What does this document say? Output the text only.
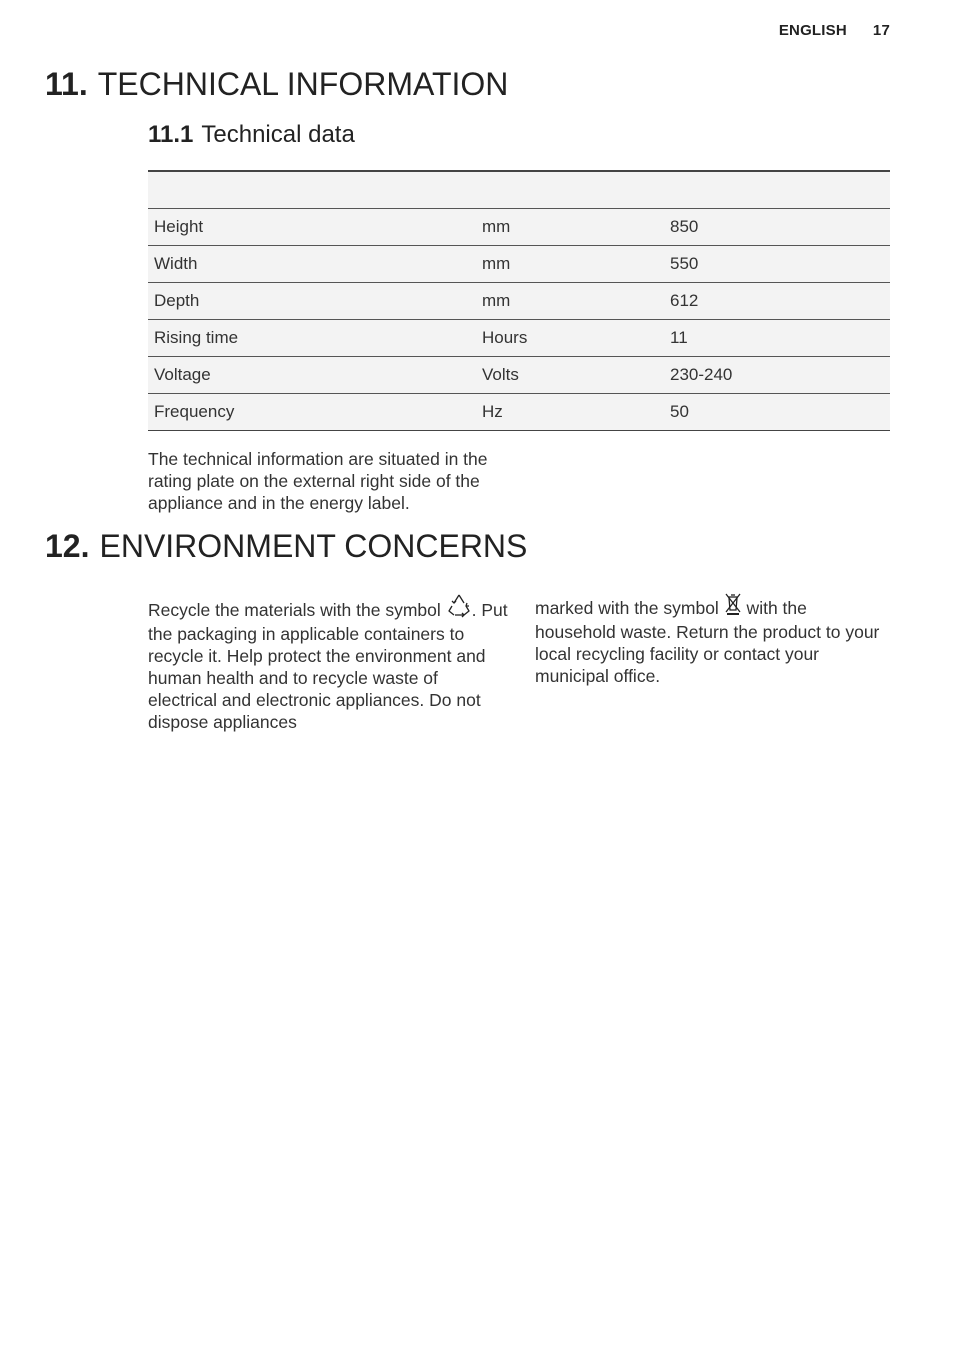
ENGLISH 17
11. TECHNICAL INFORMATION
11.1 Technical data

Height	mm	850
Width	mm	550
Depth	mm	612
Rising time	Hours	11
Voltage	Volts	230-240
Frequency	Hz	50

The technical information are situated in the rating plate on the external right side of the appliance and in the energy label.

12. ENVIRONMENT CONCERNS

Recycle the materials with the symbol . Put the packaging in applicable containers to recycle it. Help protect the environment and human health and to recycle waste of electrical and electronic appliances. Do not dispose appliances

marked with the symbol  with the household waste. Return the product to your local recycling facility or contact your municipal office.
